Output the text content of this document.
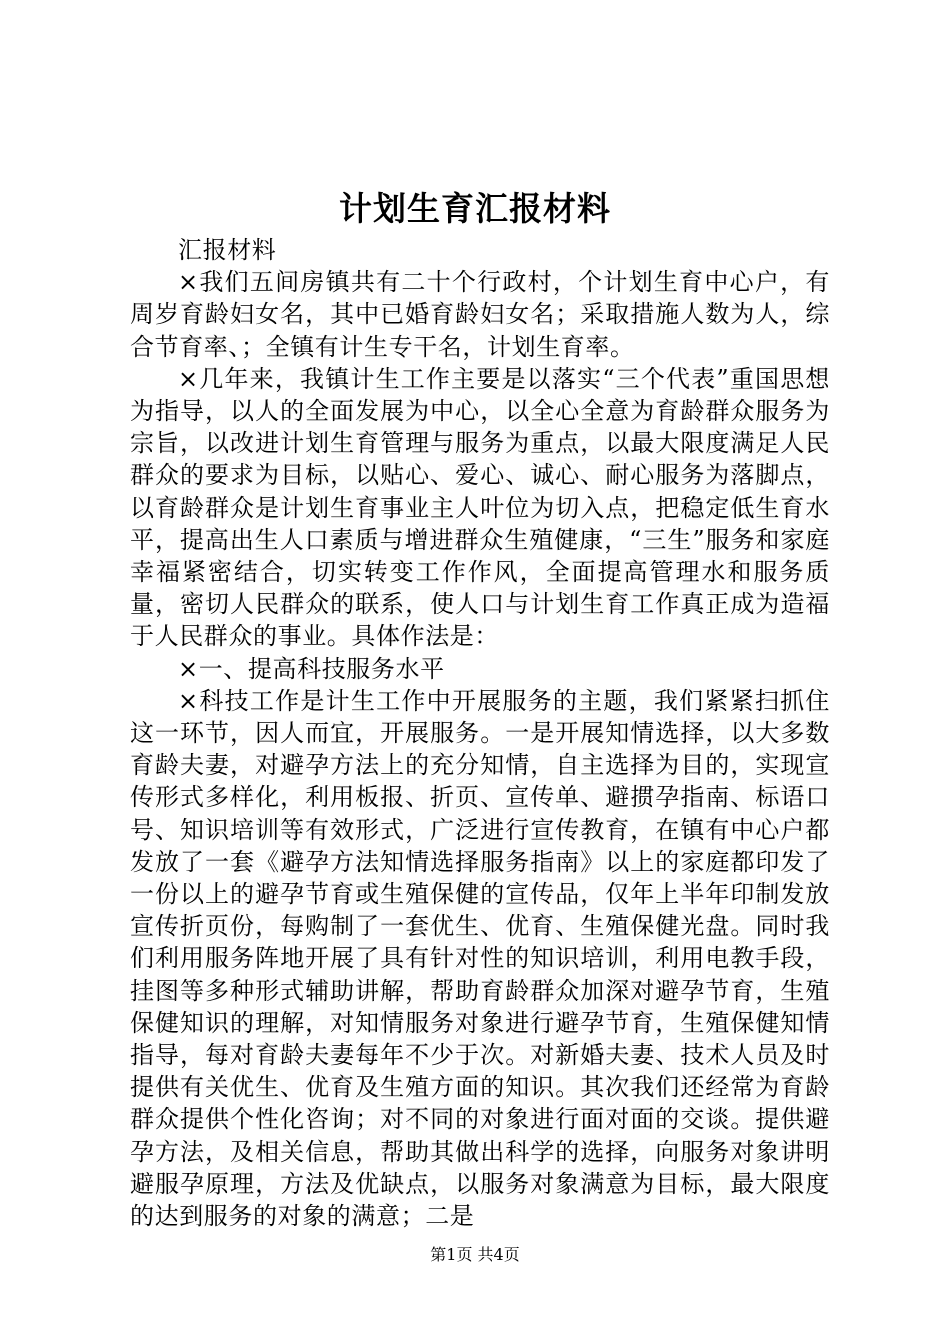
计划生育汇报材料

汇报材料

×我们五间房镇共有二十个行政村，个计划生育中心户，有周岁育龄妇女名，其中已婚育龄妇女名；采取措施人数为人，综合节育率、；全镇有计生专干名，计划生育率。

×几年来，我镇计生工作主要是以落实“三个代表”重国思想为指导，以人的全面发展为中心，以全心全意为育龄群众服务为宗旨，以改进计划生育管理与服务为重点，以最大限度满足人民群众的要求为目标，以贴心、爱心、诚心、耐心服务为落脚点，以育龄群众是计划生育事业主人叶位为切入点，把稳定低生育水平，提高出生人口素质与增进群众生殖健康，“三生”服务和家庭幸福紧密结合，切实转变工作作风，全面提高管理水和服务质量，密切人民群众的联系，使人口与计划生育工作真正成为造福于人民群众的事业。具体作法是：

×一、提高科技服务水平

×科技工作是计生工作中开展服务的主题，我们紧紧扫抓住这一环节，因人而宜，开展服务。一是开展知情选择，以大多数育龄夫妻，对避孕方法上的充分知情，自主选择为目的，实现宣传形式多样化，利用板报、折页、宣传单、避掼孕指南、标语口号、知识培训等有效形式，广泛进行宣传教育，在镇有中心户都发放了一套《避孕方法知情选择服务指南》以上的家庭都印发了一份以上的避孕节育或生殖保健的宣传品，仅年上半年印制发放宣传折页份，每购制了一套优生、优育、生殖保健光盘。同时我们利用服务阵地开展了具有针对性的知识培训，利用电教手段，挂图等多种形式辅助讲解，帮助育龄群众加深对避孕节育，生殖保健知识的理解，对知情服务对象进行避孕节育，生殖保健知情指导，每对育龄夫妻每年不少于次。对新婚夫妻、技术人员及时提供有关优生、优育及生殖方面的知识。其次我们还经常为育龄群众提供个性化咨询；对不同的对象进行面对面的交谈。提供避孕方法，及相关信息，帮助其做出科学的选择，向服务对象讲明避服孕原理，方法及优缺点，以服务对象满意为目标，最大限度的达到服务的对象的满意；二是

第1页 共4页
